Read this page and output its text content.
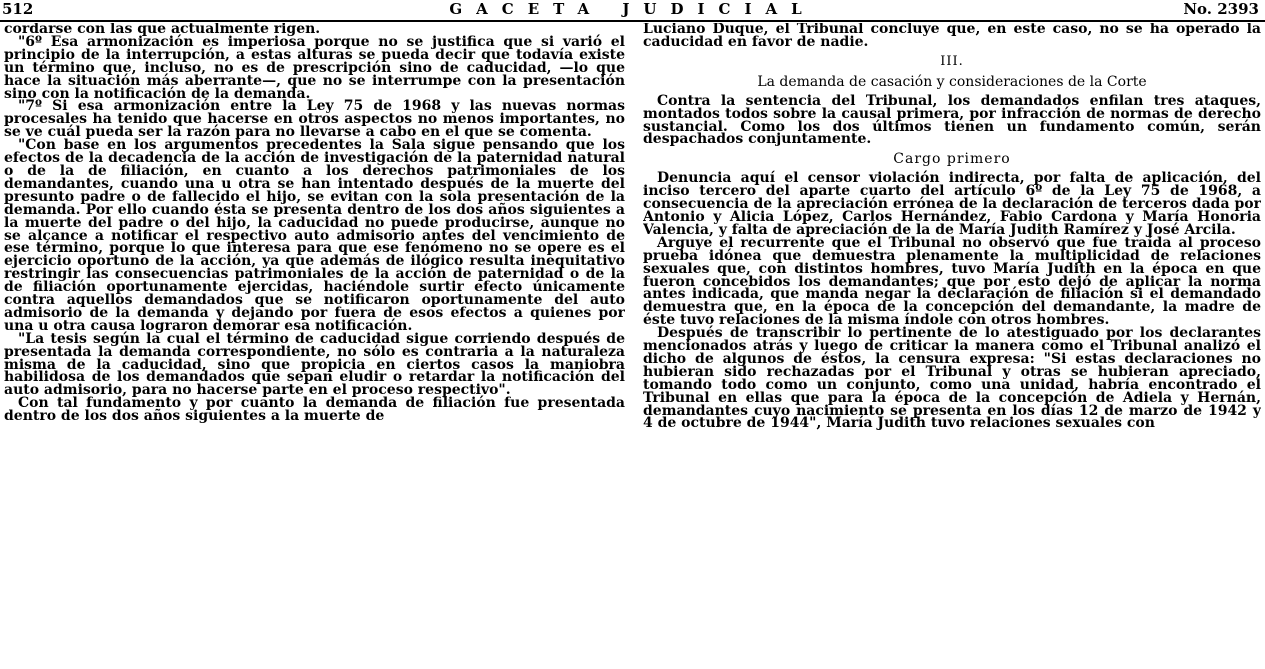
512	GACETA JUDICIAL	No. 2393

cordarse con las que actualmente rigen.

"6º Esa armonización es imperiosa porque no se justifica que si varió el principio de la interrupción, a estas alturas se pueda decir que todavía existe un término que, incluso, no es de prescripción sino de caducidad, —lo que hace la situación más aberrante—, que no se interrumpe con la presentación sino con la notificación de la demanda.

"7º Si esa armonización entre la Ley 75 de 1968 y las nuevas normas procesales ha tenido que hacerse en otros aspectos no menos importantes, no se ve cuál pueda ser la razón para no llevarse a cabo en el que se comenta.

"Con base en los argumentos precedentes la Sala sigue pensando que los efectos de la decadencia de la acción de investigación de la paternidad natural o de la de filiación, en cuanto a los derechos patrimoniales de los demandantes, cuando una u otra se han intentado después de la muerte del presunto padre o de fallecido el hijo, se evitan con la sola presentación de la demanda. Por ello cuando ésta se presenta dentro de los dos años siguientes a la muerte del padre o del hijo, la caducidad no puede producirse, aunque no se alcance a notificar el respectivo auto admisorio antes del vencimiento de ese término, porque lo que interesa para que ese fenómeno no se opere es el ejercicio oportuno de la acción, ya que además de ilógico resulta inequitativo restringir las consecuencias patrimoniales de la acción de paternidad o de la de filiación oportunamente ejercidas, haciéndole surtir efecto únicamente contra aquellos demandados que se notificaron oportunamente del auto admisorio de la demanda y dejando por fuera de esos efectos a quienes por una u otra causa lograron demorar esa notificación.

"La tesis según la cual el término de caducidad sigue corriendo después de presentada la demanda correspondiente, no sólo es contraria a la naturaleza misma de la caducidad, sino que propicia en ciertos casos la maniobra habilidosa de los demandados que sepan eludir o retardar la notificación del auto admisorio, para no hacerse parte en el proceso respectivo".

Con tal fundamento y por cuanto la demanda de filiación fue presentada dentro de los dos años siguientes a la muerte de

Luciano Duque, el Tribunal concluye que, en este caso, no se ha operado la caducidad en favor de nadie.

III.
La demanda de casación y consideraciones de la Corte

Contra la sentencia del Tribunal, los demandados enfilan tres ataques, montados todos sobre la causal primera, por infracción de normas de derecho sustancial. Como los dos últimos tienen un fundamento común, serán despachados conjuntamente.

Cargo primero

Denuncia aquí el censor violación indirecta, por falta de aplicación, del inciso tercero del aparte cuarto del artículo 6º de la Ley 75 de 1968, a consecuencia de la apreciación errónea de la declaración de terceros dada por Antonio y Alicia López, Carlos Hernández, Fabio Cardona y María Honoria Valencia, y falta de apreciación de la de María Judith Ramírez y José Arcila.

Arguye el recurrente que el Tribunal no observó que fue traída al proceso prueba idónea que demuestra plenamente la multiplicidad de relaciones sexuales que, con distintos hombres, tuvo María Judith en la época en que fueron concebidos los demandantes; que por esto dejó de aplicar la norma antes indicada, que manda negar la declaración de filiación si el demandado demuestra que, en la época de la concepción del demandante, la madre de éste tuvo relaciones de la misma índole con otros hombres.

Después de transcribir lo pertinente de lo atestiguado por los declarantes mencionados atrás y luego de criticar la manera como el Tribunal analizó el dicho de algunos de éstos, la censura expresa: "Si estas declaraciones no hubieran sido rechazadas por el Tribunal y otras se hubieran apreciado, tomando todo como un conjunto, como una unidad, habría encontrado el Tribunal en ellas que para la época de la concepción de Adiela y Hernán, demandantes cuyo nacimiento se presenta en los días 12 de marzo de 1942 y 4 de octubre de 1944", María Judith tuvo relaciones sexuales con
